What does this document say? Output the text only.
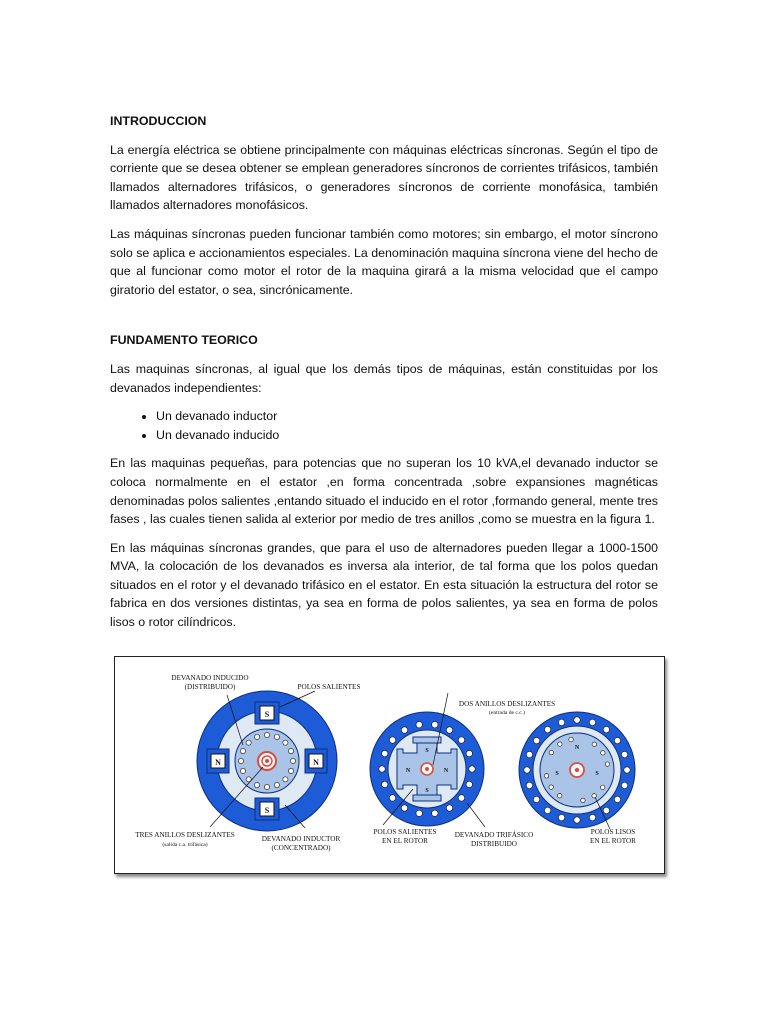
INTRODUCCION

La energía eléctrica se obtiene principalmente con máquinas eléctricas síncronas. Según el tipo de corriente que se desea obtener se emplean generadores síncronos de corrientes trifásicos, también llamados alternadores trifásicos, o generadores síncronos de corriente monofásica, también llamados alternadores monofásicos.

Las máquinas síncronas pueden funcionar también como motores; sin embargo, el motor síncrono solo se aplica e accionamientos especiales. La denominación maquina síncrona viene del hecho de que al funcionar como motor el rotor de la maquina girará a la misma velocidad que el campo giratorio del estator, o sea, sincrónicamente.

FUNDAMENTO TEORICO

Las maquinas síncronas, al igual que los demás tipos de máquinas, están constituidas por los devanados independientes:

• Un devanado inductor
• Un devanado inducido

En las maquinas pequeñas, para potencias que no superan los 10 kVA,el devanado inductor se coloca normalmente en el estator ,en forma concentrada ,sobre expansiones magnéticas denominadas polos salientes ,entando situado el inducido en el rotor ,formando general, mente tres fases , las cuales tienen salida al exterior por medio de tres anillos ,como se muestra en la figura 1.

En las máquinas síncronas grandes, que para el uso de alternadores pueden llegar a 1000-1500 MVA, la colocación de los devanados es inversa ala interior, de tal forma que los polos quedan situados en el rotor y el devanado trifásico en el estator. En esta situación la estructura del rotor se fabrica en dos versiones distintas, ya sea en forma de polos salientes, ya sea en forma de polos lisos o rotor cilíndricos.

S
S
N	N
DEVANADO INDUCIDO
(DISTRIBUIDO)	POLOS SALIENTES
TRES ANILLOS DESLIZANTES
(salida c.a. trifásica)
DEVANADO INDUCTOR
(CONCENTRADO)
S
S
N	N
DOS ANILLOS DESLIZANTES
(entrada de c.c.)
POLOS SALIENTES
EN EL ROTOR
DEVANADO TRIFÁSICO
DISTRIBUIDO
N
S	S
POLOS LISOS
EN EL ROTOR
